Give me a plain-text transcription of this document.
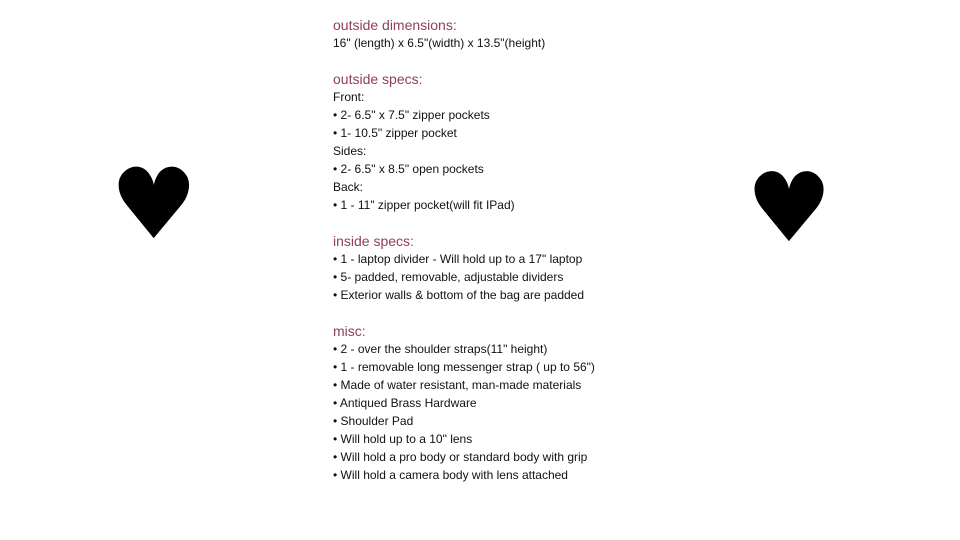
♥	♥
outside dimensions:
16" (length) x 6.5"(width) x 13.5"(height)
outside specs:
Front:
• 2- 6.5" x 7.5" zipper pockets
• 1- 10.5" zipper pocket
Sides:
• 2- 6.5" x 8.5" open pockets
Back:
• 1 - 11" zipper pocket(will fit IPad)
inside specs:
• 1 - laptop divider - Will hold up to a 17" laptop
• 5- padded, removable, adjustable dividers
• Exterior walls & bottom of the bag are padded
misc:
• 2 - over the shoulder straps(11" height)
• 1 - removable long messenger strap ( up to 56")
• Made of water resistant, man-made materials
• Antiqued Brass Hardware
• Shoulder Pad
• Will hold up to a 10" lens
• Will hold a pro body or standard body with grip
• Will hold a camera body with lens attached
